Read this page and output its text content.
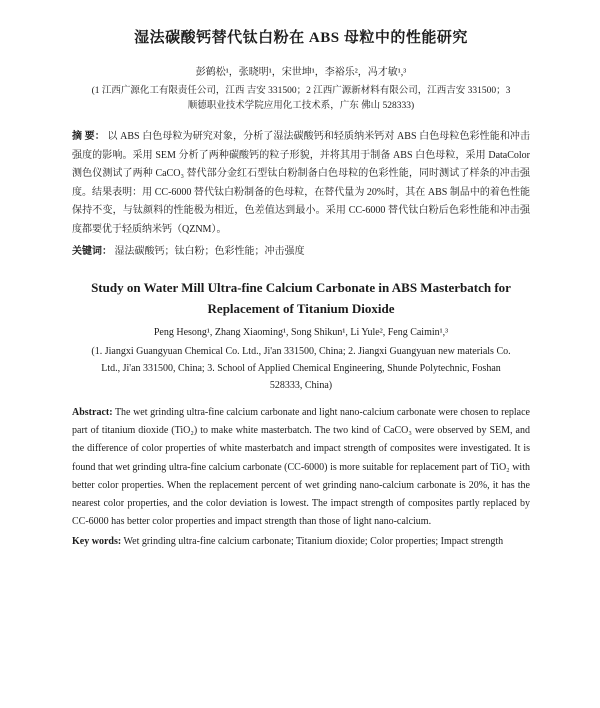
湿法碳酸钙替代钛白粉在 ABS 母粒中的性能研究

彭鹤松¹，张晓明¹，宋世坤¹，李裕乐²，冯才敏¹,³

(1 江西广源化工有限责任公司，江西 吉安 331500；2 江西广源新材料有限公司，江西吉安 331500；3 顺德职业技术学院应用化工技术系，广东 佛山 528333)

摘 要： 以 ABS 白色母粒为研究对象，分析了湿法碳酸钙和轻质纳米钙对 ABS 白色母粒色彩性能和冲击强度的影响。采用 SEM 分析了两种碳酸钙的粒子形貌，并将其用于制备 ABS 白色母粒，采用 DataColor 测色仪测试了两种 CaCO₃ 替代部分金红石型钛白粉制备白色母粒的色彩性能，同时测试了样条的冲击强度。结果表明：用 CC-6000 替代钛白粉制备的色母粒，在替代量为 20%时，其在 ABS 制品中的着色性能保持不变，与钛颜料的性能极为相近，色差值达到最小。采用 CC-6000 替代钛白粉后色彩性能和冲击强度都要优于轻质纳米钙（QZNM）。

关键词： 湿法碳酸钙；钛白粉；色彩性能；冲击强度

Study on Water Mill Ultra-fine Calcium Carbonate in ABS Masterbatch for Replacement of Titanium Dioxide

Peng Hesong¹, Zhang Xiaoming¹, Song Shikun¹, Li Yule², Feng Caimin¹,³

(1. Jiangxi Guangyuan Chemical Co. Ltd., Ji'an 331500, China; 2. Jiangxi Guangyuan new materials Co. Ltd., Ji'an 331500, China; 3. School of Applied Chemical Engineering, Shunde Polytechnic, Foshan 528333, China)

Abstract: The wet grinding ultra-fine calcium carbonate and light nano-calcium carbonate were chosen to replace part of titanium dioxide (TiO₂) to make white masterbatch. The two kind of CaCO₃ were observed by SEM, and the difference of color properties of white masterbatch and impact strength of composites were investigated. It is found that wet grinding ultra-fine calcium carbonate (CC-6000) is more suitable for replacement part of TiO₂ with better color properties. When the replacement percent of wet grinding nano-calcium carbonate is 20%, it has the nearest color properties, and the color deviation is lowest. The impact strength of composites partly replaced by CC-6000 has better color properties and impact strength than those of light nano-calcium.

Key words: Wet grinding ultra-fine calcium carbonate; Titanium dioxide; Color properties; Impact strength
